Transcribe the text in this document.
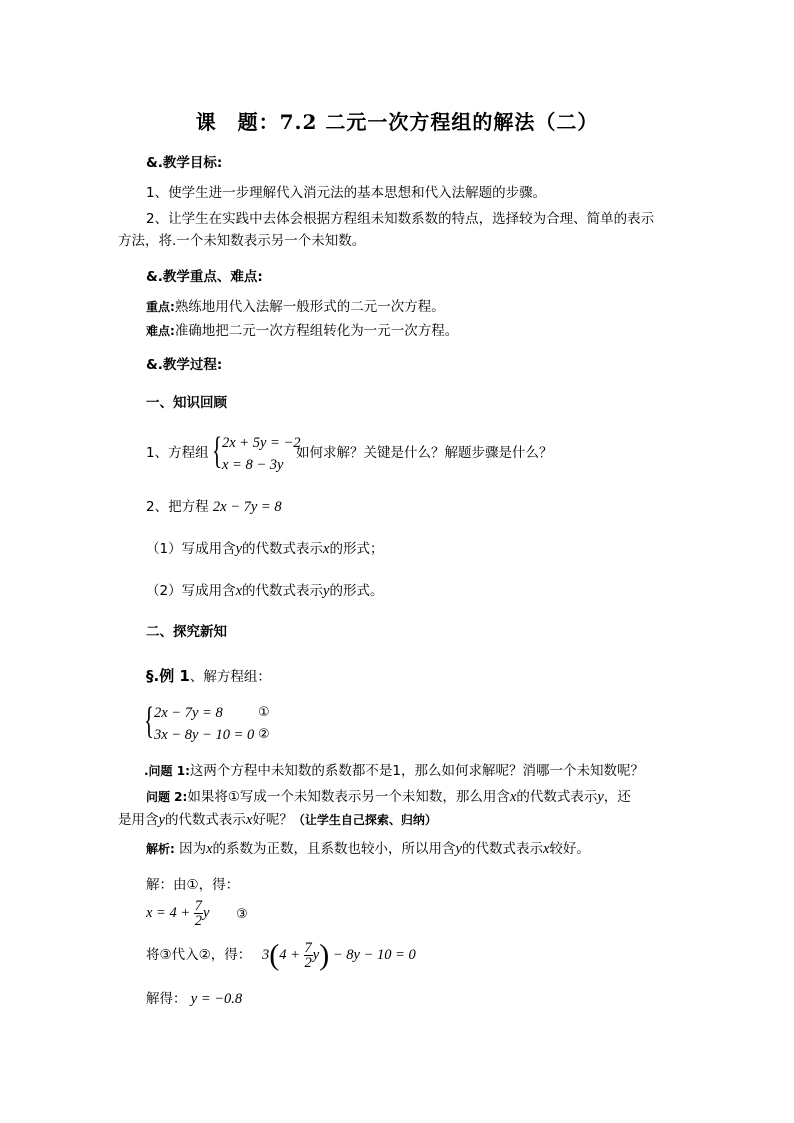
课　题：7.2 二元一次方程组的解法（二）
&.教学目标:
1、使学生进一步理解代入消元法的基本思想和代入法解题的步骤。
2、让学生在实践中去体会根据方程组未知数系数的特点，选择较为合理、简单的表示
方法，将.一个未知数表示另一个未知数。
&.教学重点、难点:
重点:熟练地用代入法解一般形式的二元一次方程。
难点:准确地把二元一次方程组转化为一元一次方程。
&.教学过程:
一、知识回顾
1、方程组 { 2x + 5y = −2
x = 8 − 3y
如何求解？关键是什么？解题步骤是什么？
2、把方程 2x − 7y = 8
（1）写成用含y的代数式表示x的形式；
（2）写成用含x的代数式表示y的形式。
二、探究新知
§.例 1、解方程组：
{ 2x − 7y = 8	①
3x − 8y − 10 = 0 ②
.问题 1:这两个方程中未知数的系数都不是1，那么如何求解呢？消哪一个未知数呢？
问题 2:如果将①写成一个未知数表示另一个未知数，那么用含x的代数式表示y，还
是用含y的代数式表示x好呢？（让学生自己探索、归纳）
解析: 因为x的系数为正数，且系数也较小，所以用含y的代数式表示x较好。
解：由①，得：
$x = 4 + \frac{7}{2}$ y ③
将③代入②，得： $3(4 + \frac{7}{2} y) - 8y - 10 = 0$
解得： y = −0.8
